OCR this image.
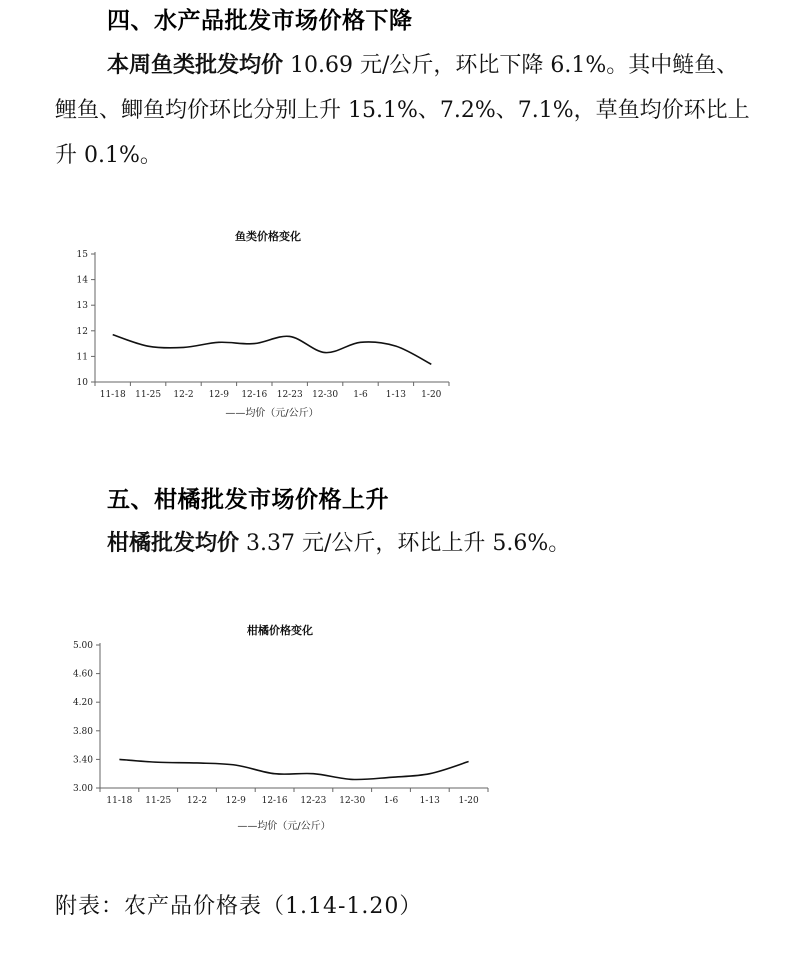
四、水产品批发市场价格下降

本周鱼类批发均价 10.69 元/公斤，环比下降 6.1%。其中鲢鱼、鲤鱼、鲫鱼均价环比分别上升 15.1%、7.2%、7.1%，草鱼均价环比上升 0.1%。

鱼类价格变化
10
11
12
13
14
15
11-18 11-25 12-2 12-9 12-16 12-23 12-30 1-6 1-13 1-20
——均价（元/公斤）
五、柑橘批发市场价格上升

柑橘批发均价 3.37 元/公斤，环比上升 5.6%。

柑橘价格变化
3.00
3.40
3.80
4.20
4.60
5.00
11-18 11-25 12-2 12-9 12-16 12-23 12-30 1-6 1-13 1-20
——均价（元/公斤）

附表：农产品价格表（1.14-1.20）
